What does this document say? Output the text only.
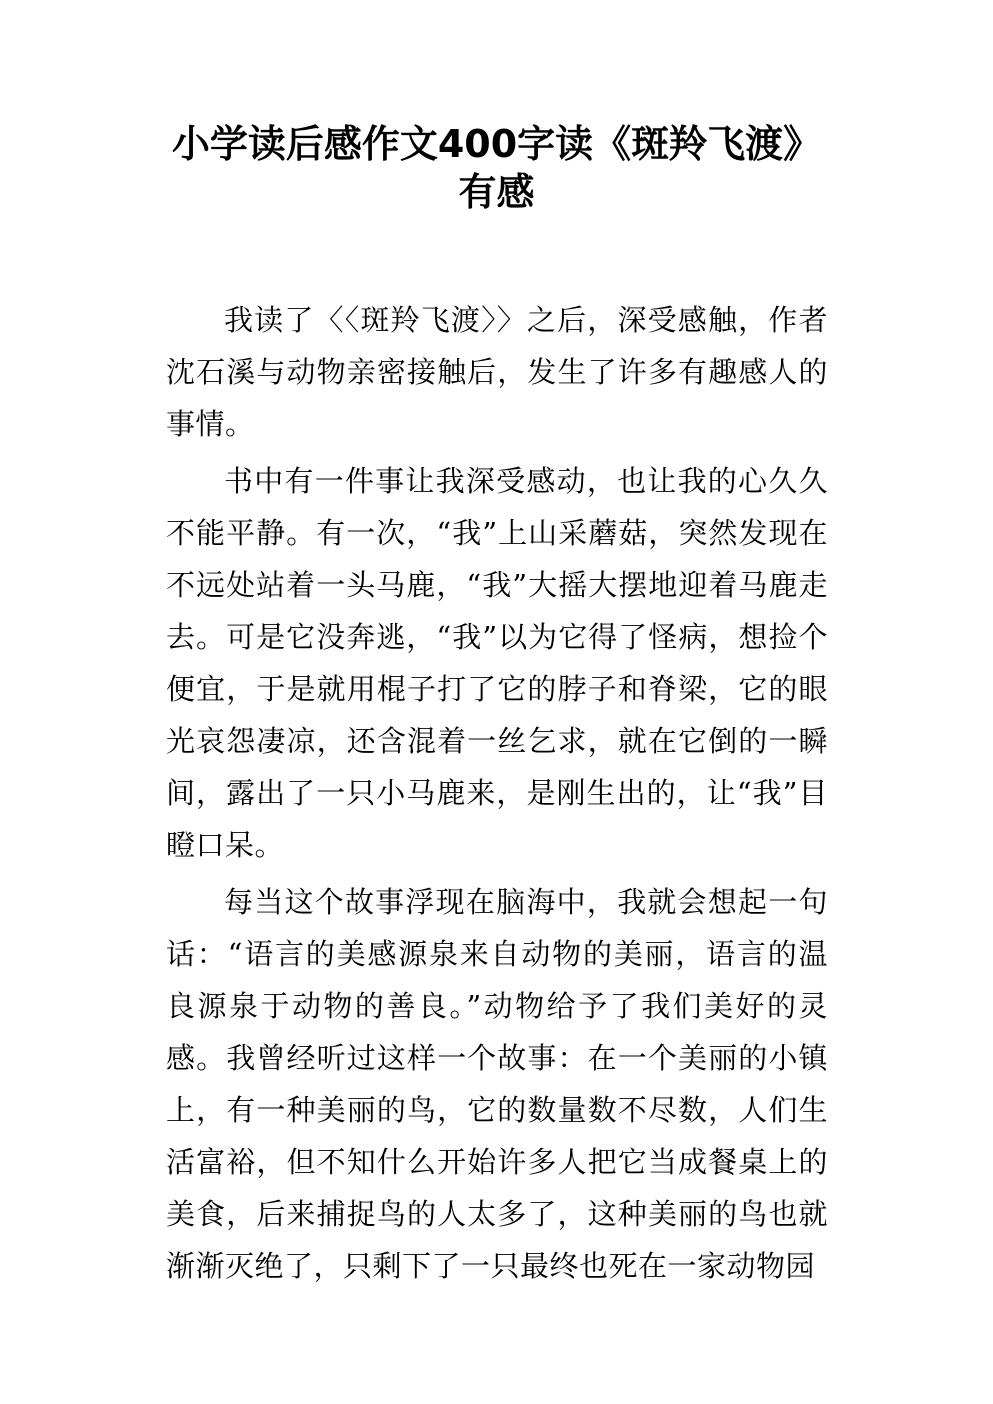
小学读后感作文400字读《斑羚飞渡》
有感

我读了〈〈斑羚飞渡〉〉之后，深受感触，作者沈石溪与动物亲密接触后，发生了许多有趣感人的事情。

书中有一件事让我深受感动，也让我的心久久不能平静。有一次，“我”上山采蘑菇，突然发现在不远处站着一头马鹿，“我”大摇大摆地迎着马鹿走去。可是它没奔逃，“我”以为它得了怪病，想捡个便宜，于是就用棍子打了它的脖子和脊梁，它的眼光哀怨凄凉，还含混着一丝乞求，就在它倒的一瞬间，露出了一只小马鹿来，是刚生出的，让“我”目瞪口呆。

每当这个故事浮现在脑海中，我就会想起一句话：“语言的美感源泉来自动物的美丽，语言的温良源泉于动物的善良。”动物给予了我们美好的灵感。我曾经听过这样一个故事：在一个美丽的小镇上，有一种美丽的鸟，它的数量数不尽数，人们生活富裕，但不知什么开始许多人把它当成餐桌上的美食，后来捕捉鸟的人太多了，这种美丽的鸟也就渐渐灭绝了，只剩下了一只最终也死在一家动物园
